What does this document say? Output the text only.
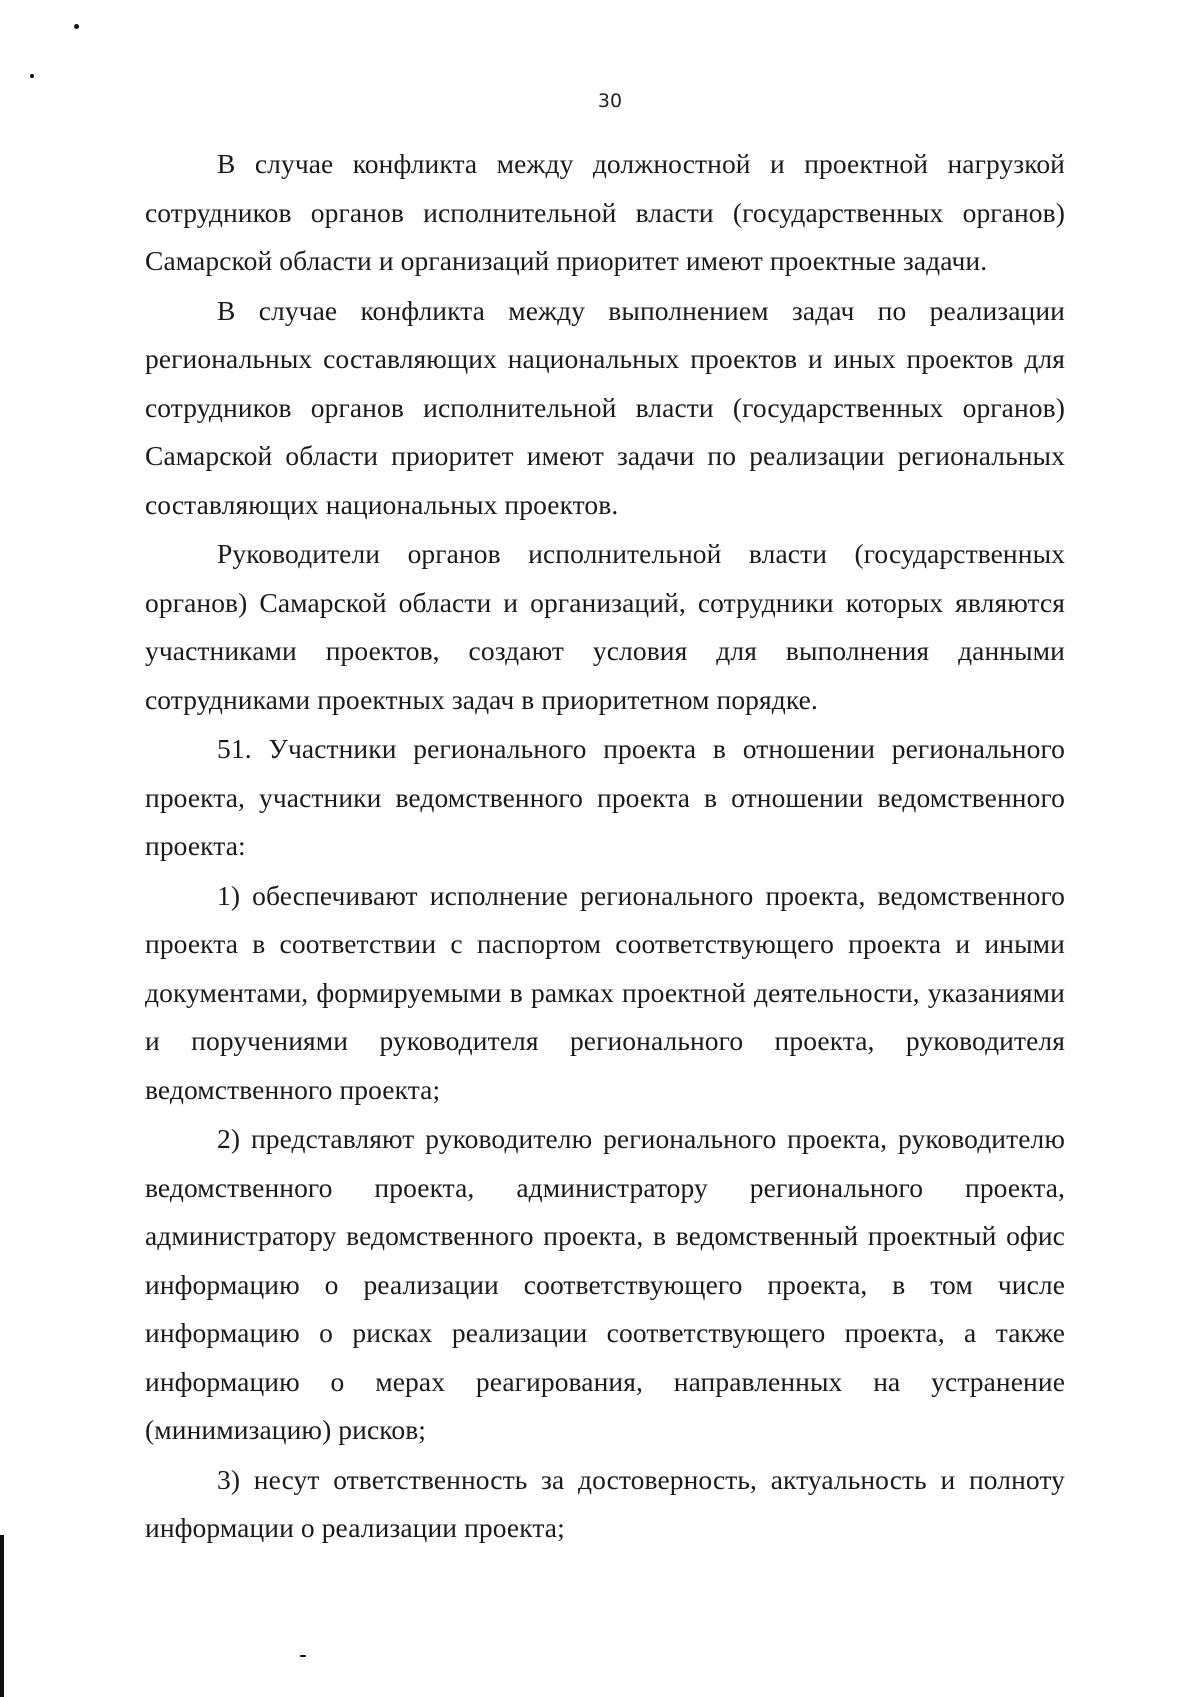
30

В случае конфликта между должностной и проектной нагрузкой сотрудников органов исполнительной власти (государственных органов) Самарской области и организаций приоритет имеют проектные задачи.

В случае конфликта между выполнением задач по реализации региональных составляющих национальных проектов и иных проектов для сотрудников органов исполнительной власти (государственных органов) Самарской области приоритет имеют задачи по реализации региональных составляющих национальных проектов.

Руководители органов исполнительной власти (государственных органов) Самарской области и организаций, сотрудники которых являются участниками проектов, создают условия для выполнения данными сотрудниками проектных задач в приоритетном порядке.

51. Участники регионального проекта в отношении регионального проекта, участники ведомственного проекта в отношении ведомственного проекта:

1) обеспечивают исполнение регионального проекта, ведомственного проекта в соответствии с паспортом соответствующего проекта и иными документами, формируемыми в рамках проектной деятельности, указаниями и поручениями руководителя регионального проекта, руководителя ведомственного проекта;

2) представляют руководителю регионального проекта, руководителю ведомственного проекта, администратору регионального проекта, администратору ведомственного проекта, в ведомственный проектный офис информацию о реализации соответствующего проекта, в том числе информацию о рисках реализации соответствующего проекта, а также информацию о мерах реагирования, направленных на устранение (минимизацию) рисков;

3) несут ответственность за достоверность, актуальность и полноту информации о реализации проекта;
